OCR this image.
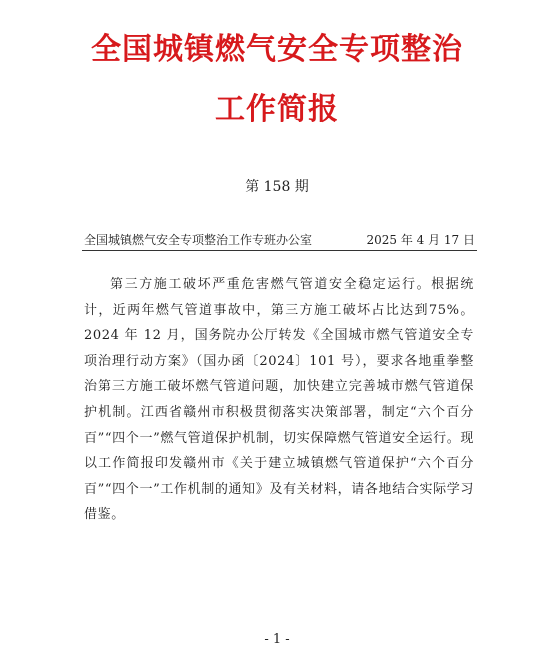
全国城镇燃气安全专项整治
工作简报
第 158 期
全国城镇燃气安全专项整治工作专班办公室	2025 年 4 月 17 日

第三方施工破坏严重危害燃气管道安全稳定运行。根据统计，近两年燃气管道事故中，第三方施工破坏占比达到75%。2024 年 12 月，国务院办公厅转发《全国城市燃气管道安全专项治理行动方案》（国办函〔2024〕101 号），要求各地重拳整治第三方施工破坏燃气管道问题，加快建立完善城市燃气管道保护机制。江西省赣州市积极贯彻落实决策部署，制定“六个百分百”“四个一”燃气管道保护机制，切实保障燃气管道安全运行。现以工作简报印发赣州市《关于建立城镇燃气管道保护“六个百分百”“四个一”工作机制的通知》及有关材料，请各地结合实际学习借鉴。

- 1 -
